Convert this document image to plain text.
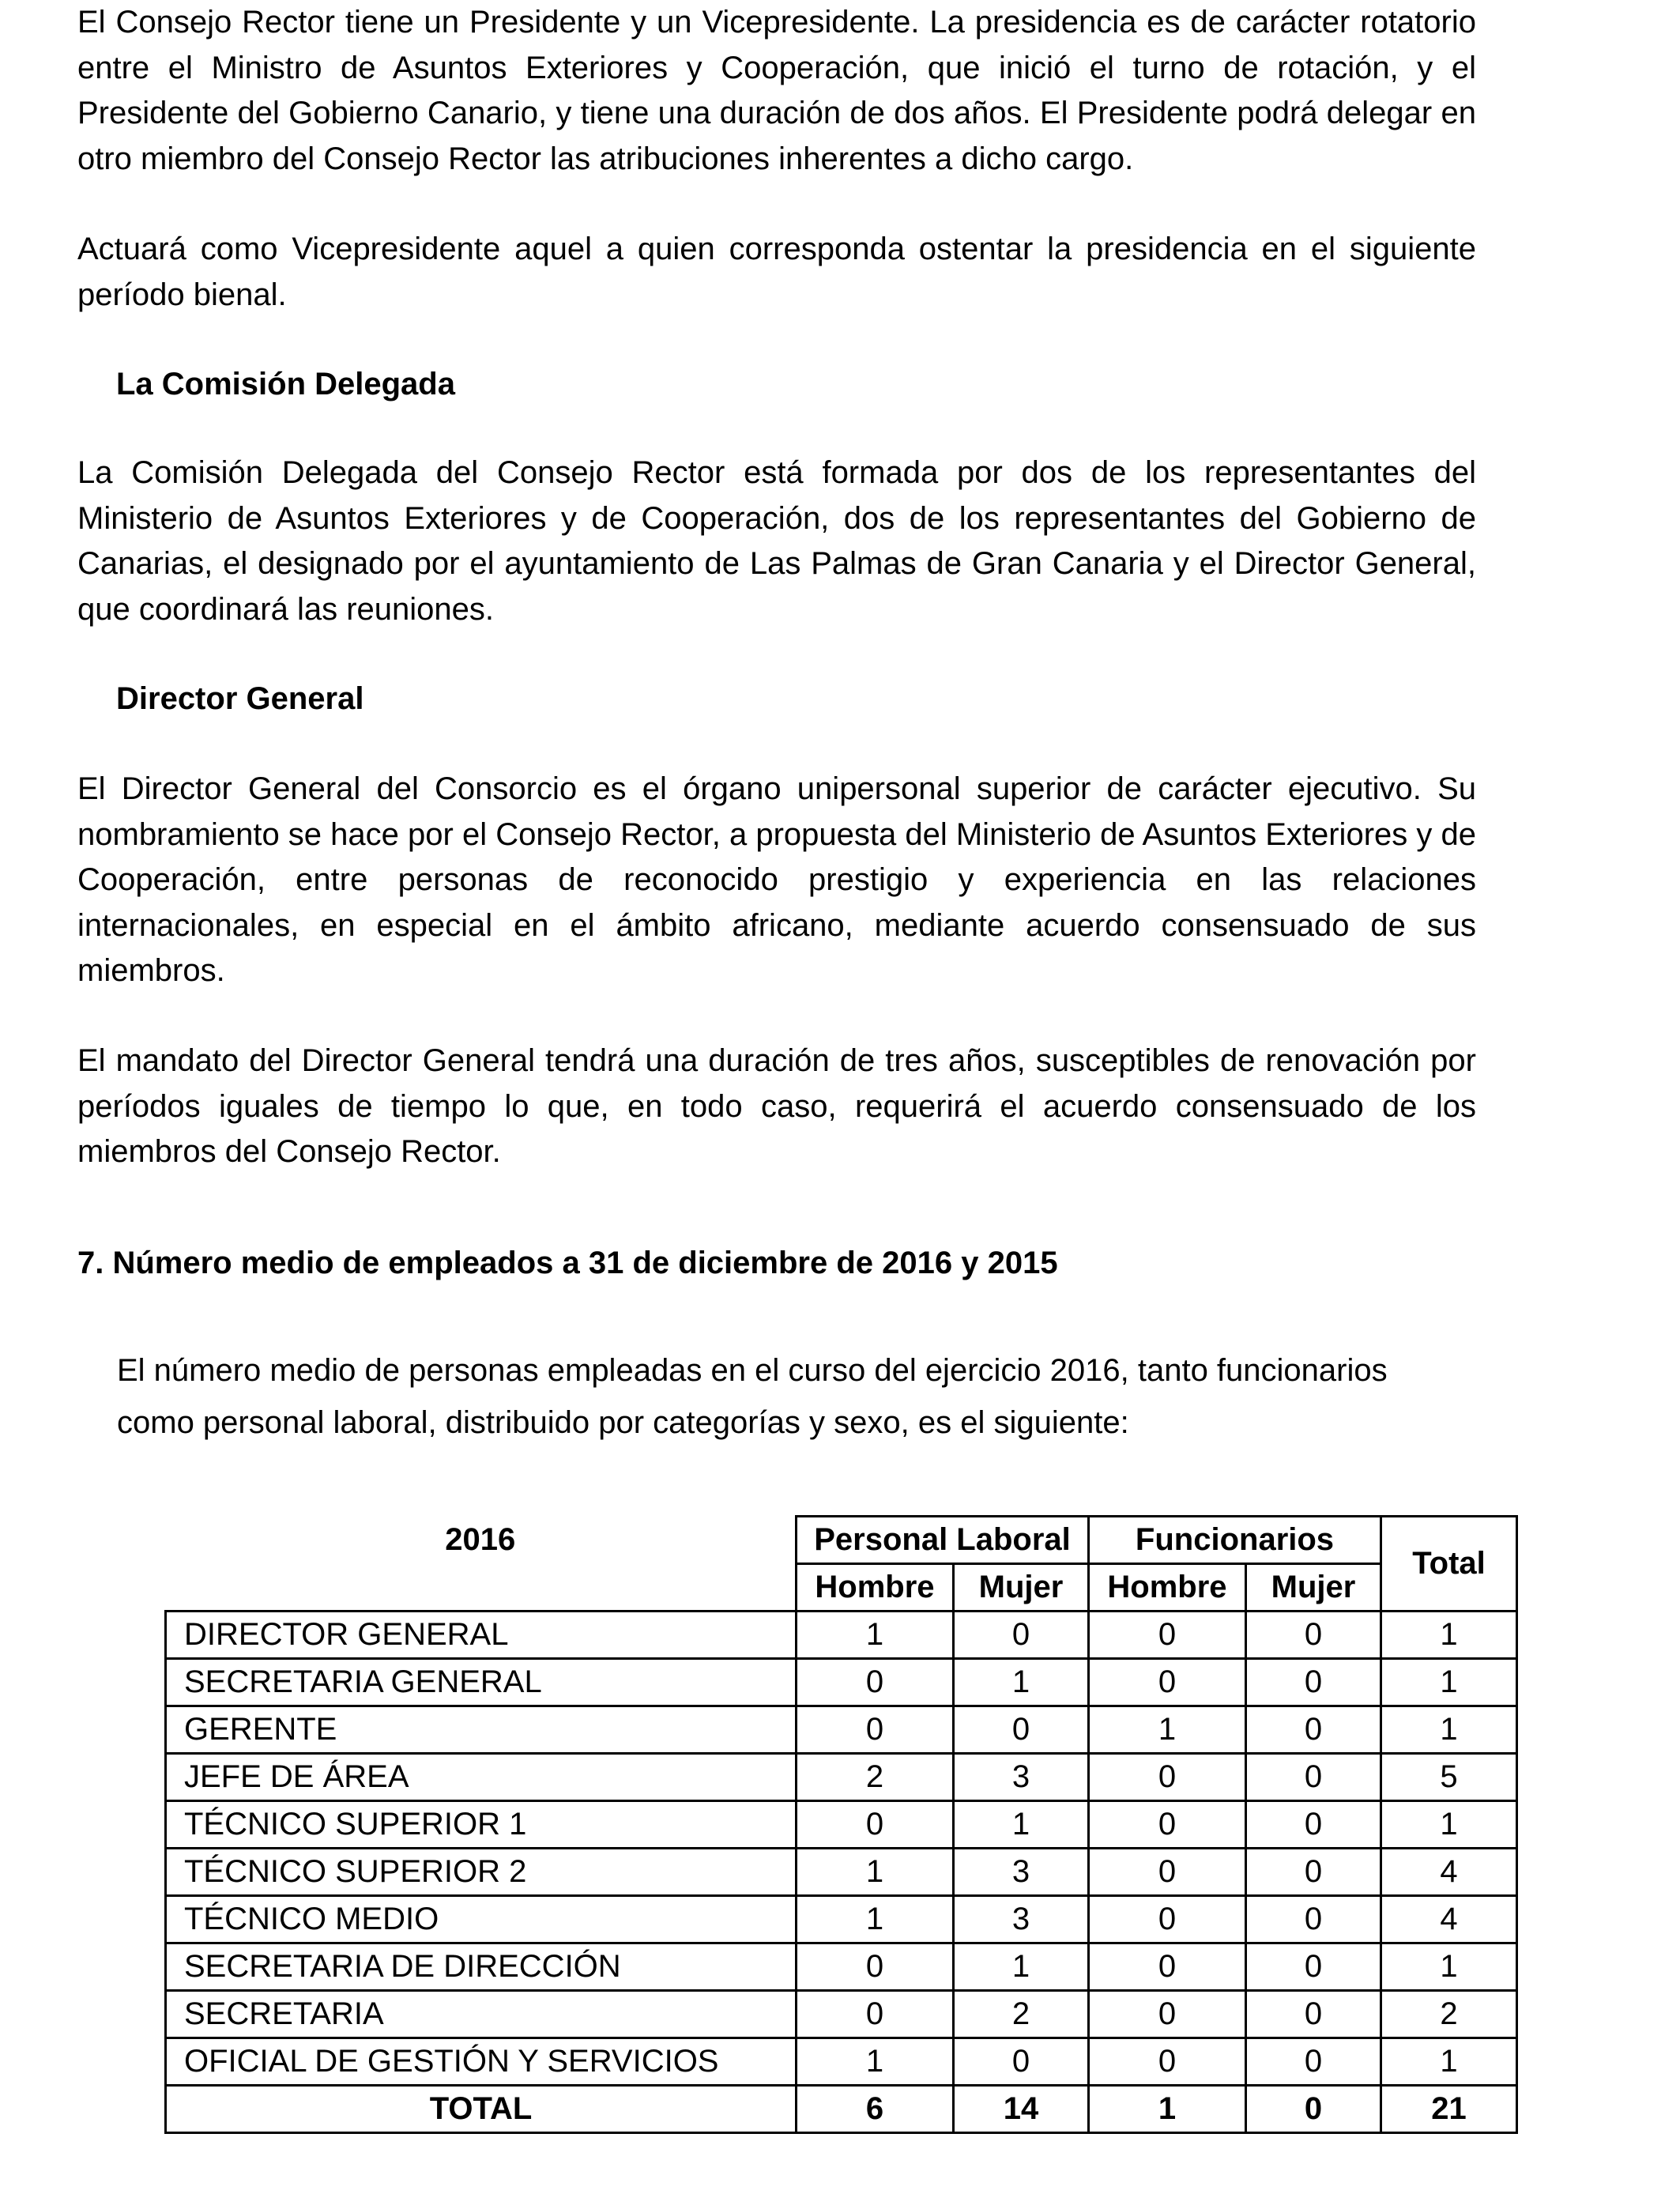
El Consejo Rector tiene un Presidente y un Vicepresidente. La presidencia es de carácter rotatorio entre el Ministro de Asuntos Exteriores y Cooperación, que inició el turno de rotación, y el Presidente del Gobierno Canario, y tiene una duración de dos años. El Presidente podrá delegar en otro miembro del Consejo Rector las atribuciones inherentes a dicho cargo.

Actuará como Vicepresidente aquel a quien corresponda ostentar la presidencia en el siguiente período bienal.

La Comisión Delegada

La Comisión Delegada del Consejo Rector está formada por dos de los representantes del Ministerio de Asuntos Exteriores y de Cooperación, dos de los representantes del Gobierno de Canarias, el designado por el ayuntamiento de Las Palmas de Gran Canaria y el Director General, que coordinará las reuniones.

Director General

El Director General del Consorcio es el órgano unipersonal superior de carácter ejecutivo. Su nombramiento se hace por el Consejo Rector, a propuesta del Ministerio de Asuntos Exteriores y de Cooperación, entre personas de reconocido prestigio y experiencia en las relaciones internacionales, en especial en el ámbito africano, mediante acuerdo consensuado de sus miembros.

El mandato del Director General tendrá una duración de tres años, susceptibles de renovación por períodos iguales de tiempo lo que, en todo caso, requerirá el acuerdo consensuado de los miembros del Consejo Rector.

7. Número medio de empleados a 31 de diciembre de 2016 y 2015

El número medio de personas empleadas en el curso del ejercicio 2016, tanto funcionarios como personal laboral, distribuido por categorías y sexo, es el siguiente:

2016	Personal Laboral		Funcionarios		Total
	Hombre	Mujer	Hombre	Mujer	
DIRECTOR GENERAL	1	0	0	0	1
SECRETARIA GENERAL	0	1	0	0	1
GERENTE	0	0	1	0	1
JEFE DE ÁREA	2	3	0	0	5
TÉCNICO SUPERIOR 1	0	1	0	0	1
TÉCNICO SUPERIOR 2	1	3	0	0	4
TÉCNICO MEDIO	1	3	0	0	4
SECRETARIA DE DIRECCIÓN	0	1	0	0	1
SECRETARIA	0	2	0	0	2
OFICIAL DE GESTIÓN Y SERVICIOS	1	0	0	0	1
TOTAL	6	14	1	0	21
